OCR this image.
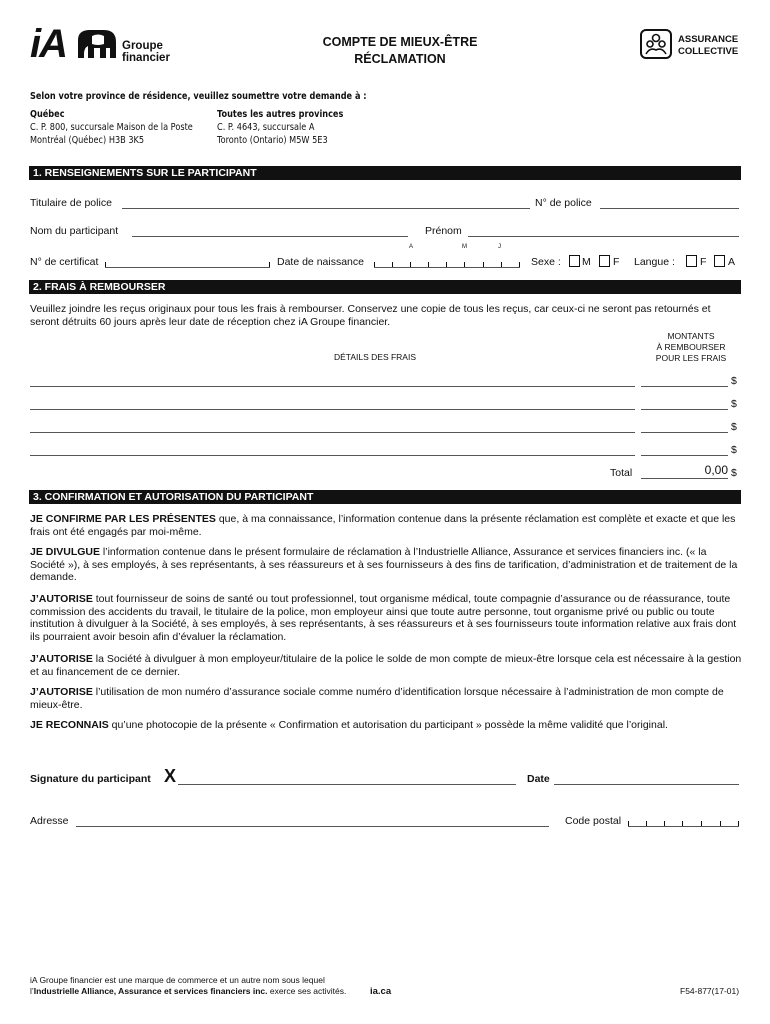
iA	Groupe
financier
COMPTE DE MIEUX-ÊTRE
RÉCLAMATION
ASSURANCE
COLLECTIVE
Selon votre province de résidence, veuillez soumettre votre demande à :
Québec
C. P. 800, succursale Maison de la Poste
Montréal (Québec) H3B 3K5
Toutes les autres provinces
C. P. 4643, succursale A
Toronto (Ontario) M5W 5E3
1. RENSEIGNEMENTS SUR LE PARTICIPANT
Titulaire de police	N° de police
Nom du participant	Prénom
N° de certificat	Date de naissance
A	M	J
Sexe : M F Langue : F A
2. FRAIS À REMBOURSER
Veuillez joindre les reçus originaux pour tous les frais à rembourser. Conservez une copie de tous les reçus, car ceux-ci ne seront pas retournés et seront détruits 60 jours après leur date de réception chez iA Groupe financier.
DÉTAILS DES FRAIS
MONTANTS
À REMBOURSER
POUR LES FRAIS
$
$
$
$
Total	0,00 $
3. CONFIRMATION ET AUTORISATION DU PARTICIPANT
JE CONFIRME PAR LES PRÉSENTES que, à ma connaissance, l’information contenue dans la présente réclamation est complète et exacte et que les frais ont été engagés par moi-même.
JE DIVULGUE l’information contenue dans le présent formulaire de réclamation à l’Industrielle Alliance, Assurance et services financiers inc. (« la Société »), à ses employés, à ses représentants, à ses réassureurs et à ses fournisseurs à des fins de tarification, d’administration et de traitement de la demande.
J’AUTORISE tout fournisseur de soins de santé ou tout professionnel, tout organisme médical, toute compagnie d’assurance ou de réassurance, toute commission des accidents du travail, le titulaire de la police, mon employeur ainsi que toute autre personne, tout organisme privé ou public ou toute institution à divulguer à la Société, à ses employés, à ses représentants, à ses réassureurs et à ses fournisseurs toute information relative aux frais dont ils pourraient avoir besoin afin d’évaluer la réclamation.
J’AUTORISE la Société à divulguer à mon employeur/titulaire de la police le solde de mon compte de mieux-être lorsque cela est nécessaire à la gestion et au financement de ce dernier.
J’AUTORISE l’utilisation de mon numéro d’assurance sociale comme numéro d’identification lorsque nécessaire à l’administration de mon compte de mieux-être.
JE RECONNAIS qu’une photocopie de la présente « Confirmation et autorisation du participant » possède la même validité que l’original.
Signature du participant X	Date
Adresse	Code postal
iA Groupe financier est une marque de commerce et un autre nom sous lequel
l’Industrielle Alliance, Assurance et services financiers inc. exerce ses activités. ia.ca	F54-877(17-01)
